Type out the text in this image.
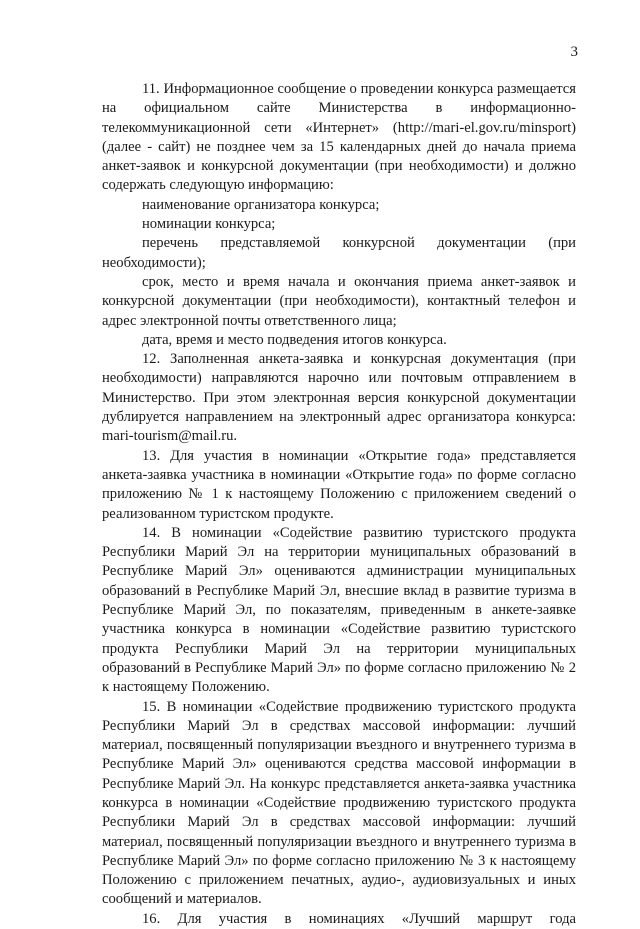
3

11. Информационное сообщение о проведении конкурса размещается на официальном сайте Министерства в информационно-телекоммуникационной сети «Интернет» (http://mari-el.gov.ru/minsport) (далее - сайт) не позднее чем за 15 календарных дней до начала приема анкет-заявок и конкурсной документации (при необходимости) и должно содержать следующую информацию:

наименование организатора конкурса;

номинации конкурса;

перечень представляемой конкурсной документации (при необходимости);

срок, место и время начала и окончания приема анкет-заявок и конкурсной документации (при необходимости), контактный телефон и адрес электронной почты ответственного лица;

дата, время и место подведения итогов конкурса.

12. Заполненная анкета-заявка и конкурсная документация (при необходимости) направляются нарочно или почтовым отправлением в Министерство. При этом электронная версия конкурсной документации дублируется направлением на электронный адрес организатора конкурса: mari-tourism@mail.ru.

13. Для участия в номинации «Открытие года» представляется анкета-заявка участника в номинации «Открытие года» по форме согласно приложению № 1 к настоящему Положению с приложением сведений о реализованном туристском продукте.

14. В номинации «Содействие развитию туристского продукта Республики Марий Эл на территории муниципальных образований в Республике Марий Эл» оцениваются администрации муниципальных образований в Республике Марий Эл, внесшие вклад в развитие туризма в Республике Марий Эл, по показателям, приведенным в анкете-заявке участника конкурса в номинации «Содействие развитию туристского продукта Республики Марий Эл на территории муниципальных образований в Республике Марий Эл» по форме согласно приложению № 2 к настоящему Положению.

15. В номинации «Содействие продвижению туристского продукта Республики Марий Эл в средствах массовой информации: лучший материал, посвященный популяризации въездного и внутреннего туризма в Республике Марий Эл» оцениваются средства массовой информации в Республике Марий Эл. На конкурс представляется анкета-заявка участника конкурса в номинации «Содействие продвижению туристского продукта Республики Марий Эл в средствах массовой информации: лучший материал, посвященный популяризации въездного и внутреннего туризма в Республике Марий Эл» по форме согласно приложению № 3 к настоящему Положению с приложением печатных, аудио-, аудиовизуальных и иных сообщений и материалов.

16. Для участия в номинациях «Лучший маршрут года
